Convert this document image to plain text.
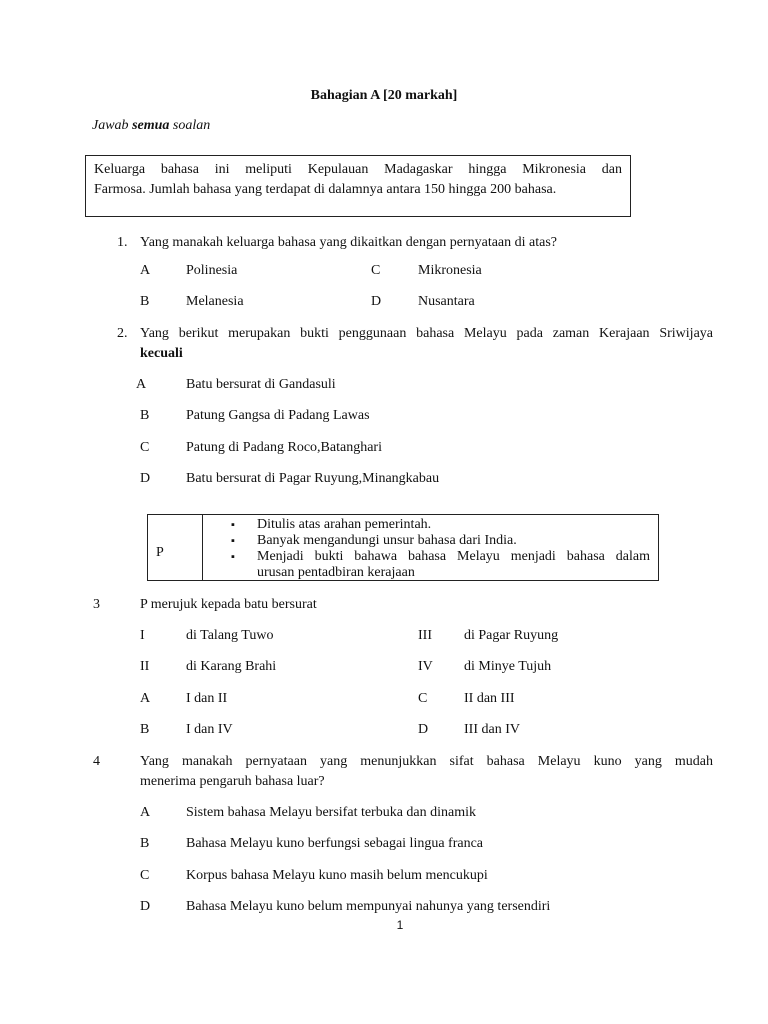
Bahagian A [20 markah]
Jawab semua soalan
Keluarga bahasa ini meliputi Kepulauan Madagaskar hingga Mikronesia dan
Farmosa. Jumlah bahasa yang terdapat di dalamnya antara 150 hingga 200 bahasa.
1. Yang manakah keluarga bahasa yang dikaitkan dengan pernyataan di atas?
A	Polinesia	C	Mikronesia
B	Melanesia	D	Nusantara
2. Yang berikut merupakan bukti penggunaan bahasa Melayu pada zaman Kerajaan Sriwijaya
kecuali
A	Batu bersurat di Gandasuli
B	Patung Gangsa di Padang Lawas
C	Patung di Padang Roco,Batanghari
D	Batu bersurat di Pagar Ruyung,Minangkabau
P
▪ Ditulis atas arahan pemerintah.
▪ Banyak mengandungi unsur bahasa dari India.
▪ Menjadi bukti bahawa bahasa Melayu menjadi bahasa dalam
urusan pentadbiran kerajaan
3	P merujuk kepada batu bersurat
I	di Talang Tuwo	III di Pagar Ruyung
II	di Karang Brahi	IV di Minye Tujuh
A	I dan II	C	II dan III
B	I dan IV	D	III dan IV
4	Yang manakah pernyataan yang menunjukkan sifat bahasa Melayu kuno yang mudah
menerima pengaruh bahasa luar?
A	Sistem bahasa Melayu bersifat terbuka dan dinamik
B	Bahasa Melayu kuno berfungsi sebagai lingua franca
C	Korpus bahasa Melayu kuno masih belum mencukupi
D	Bahasa Melayu kuno belum mempunyai nahunya yang tersendiri
1
